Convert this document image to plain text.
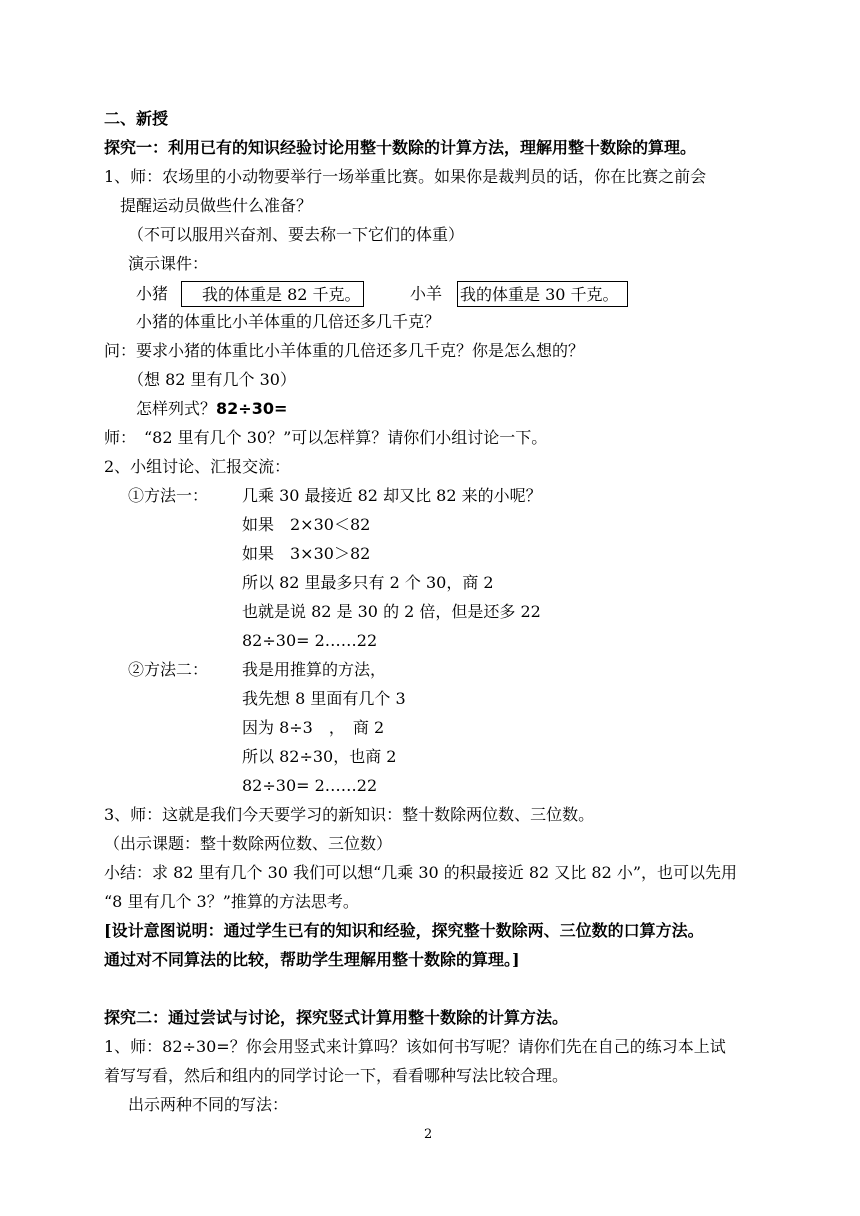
二、新授
探究一：利用已有的知识经验讨论用整十数除的计算方法，理解用整十数除的算理。
1、师：农场里的小动物要举行一场举重比赛。如果你是裁判员的话，你在比赛之前会
提醒运动员做些什么准备？
（不可以服用兴奋剂、要去称一下它们的体重）
演示课件：
小猪	我的体重是 82 千克。	小羊 我的体重是 30 千克。
小猪的体重比小羊体重的几倍还多几千克？
问：要求小猪的体重比小羊体重的几倍还多几千克？你是怎么想的？
（想 82 里有几个 30）
怎样列式？82÷30=
师：　“82 里有几个 30？”可以怎样算？请你们小组讨论一下。
2、小组讨论、汇报交流：
①方法一： 几乘 30 最接近 82 却又比 82 来的小呢？
如果　2×30＜82
如果　3×30＞82
所以 82 里最多只有 2 个 30，商 2
也就是说 82 是 30 的 2 倍，但是还多 22
82÷30= 2……22
②方法二： 我是用推算的方法，
我先想 8 里面有几个 3
因为 8÷3　，　商 2
所以 82÷30，也商 2
82÷30= 2……22
3、师：这就是我们今天要学习的新知识：整十数除两位数、三位数。
（出示课题：整十数除两位数、三位数）
小结：求 82 里有几个 30 我们可以想“几乘 30 的积最接近 82 又比 82 小”，也可以先用
“8 里有几个 3？”推算的方法思考。
[设计意图说明：通过学生已有的知识和经验，探究整十数除两、三位数的口算方法。
通过对不同算法的比较，帮助学生理解用整十数除的算理。]
探究二：通过尝试与讨论，探究竖式计算用整十数除的计算方法。
1、师：82÷30=？你会用竖式来计算吗？该如何书写呢？请你们先在自己的练习本上试
着写写看，然后和组内的同学讨论一下，看看哪种写法比较合理。
出示两种不同的写法：
2
